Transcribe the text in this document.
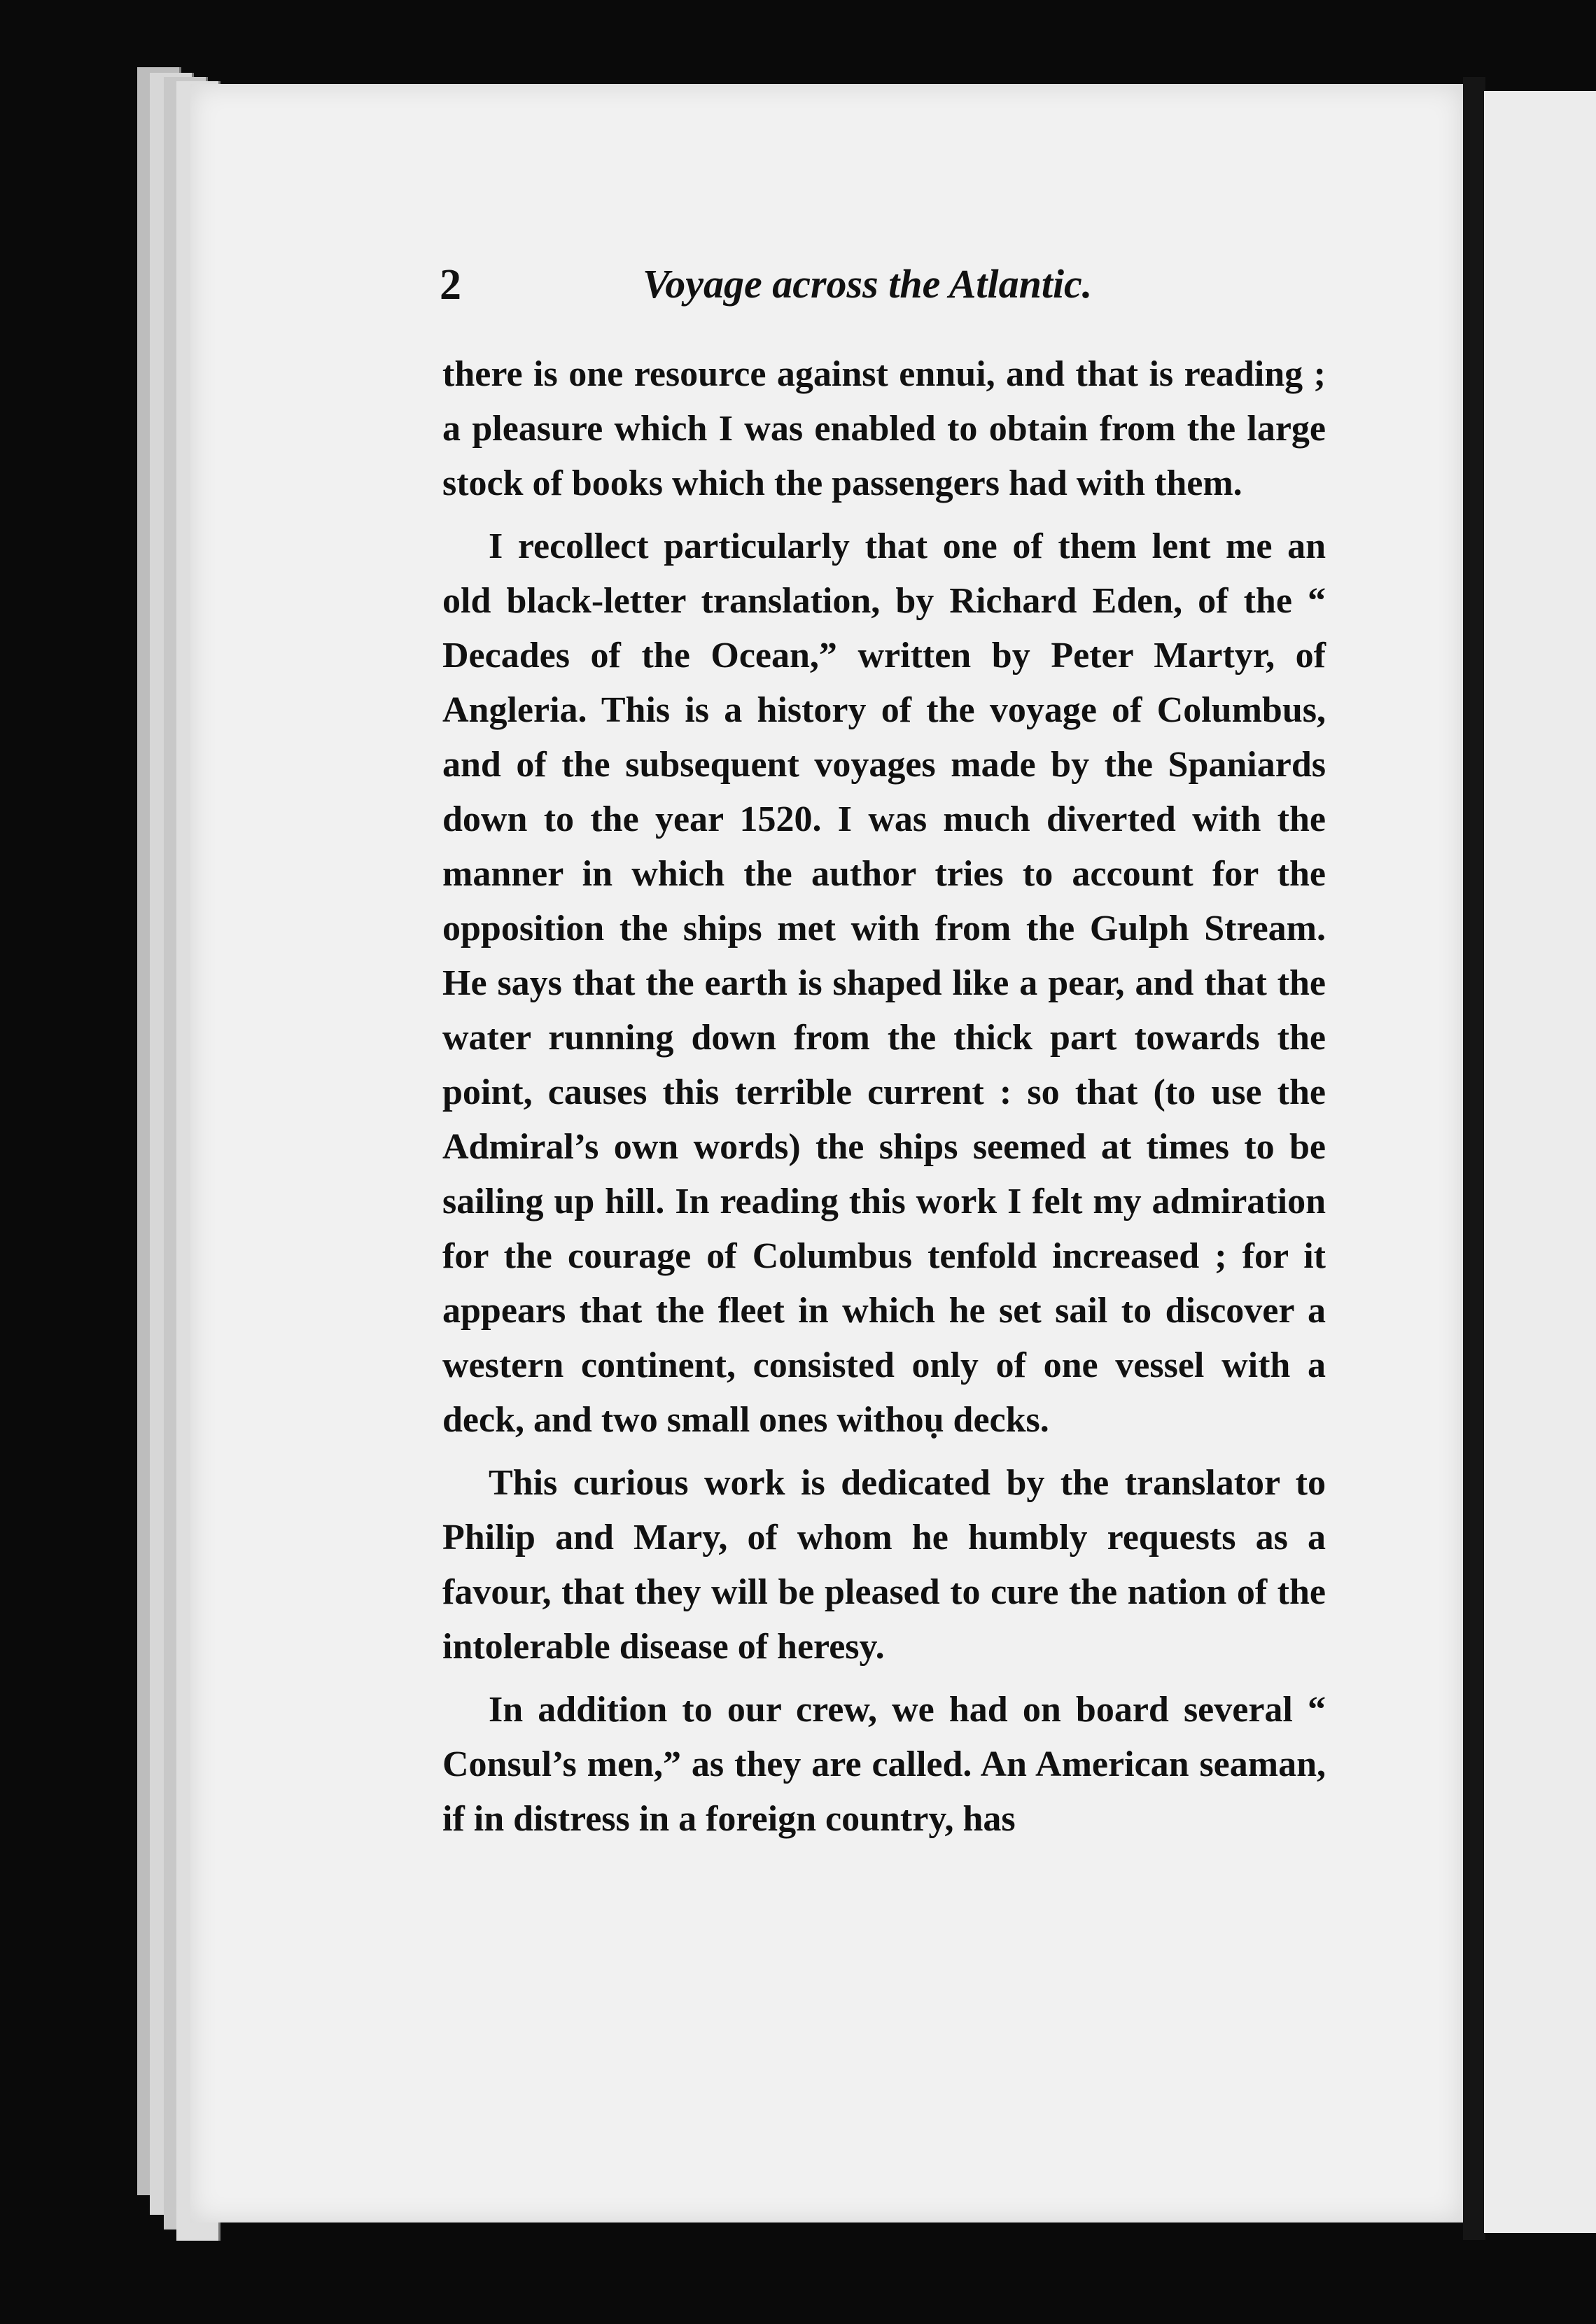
2	Voyage across the Atlantic.

there is one resource against ennui, and that is reading ; a pleasure which I was enabled to obtain from the large stock of books which the passengers had with them.

I recollect particularly that one of them lent me an old black-letter translation, by Richard Eden, of the “ Decades of the Ocean,” written by Peter Martyr, of Angleria. This is a history of the voyage of Columbus, and of the subsequent voyages made by the Spaniards down to the year 1520. I was much diverted with the manner in which the author tries to account for the opposition the ships met with from the Gulph Stream. He says that the earth is shaped like a pear, and that the water running down from the thick part towards the point, causes this terrible current : so that (to use the Admiral’s own words) the ships seemed at times to be sailing up hill. In reading this work I felt my admiration for the courage of Columbus tenfold increased ; for it appears that the fleet in which he set sail to discover a western continent, consisted only of one vessel with a deck, and two small ones withoụ decks.

This curious work is dedicated by the translator to Philip and Mary, of whom he humbly requests as a favour, that they will be pleased to cure the nation of the intolerable disease of heresy.

In addition to our crew, we had on board several “ Consul’s men,” as they are called. An American seaman, if in distress in a foreign country, has
